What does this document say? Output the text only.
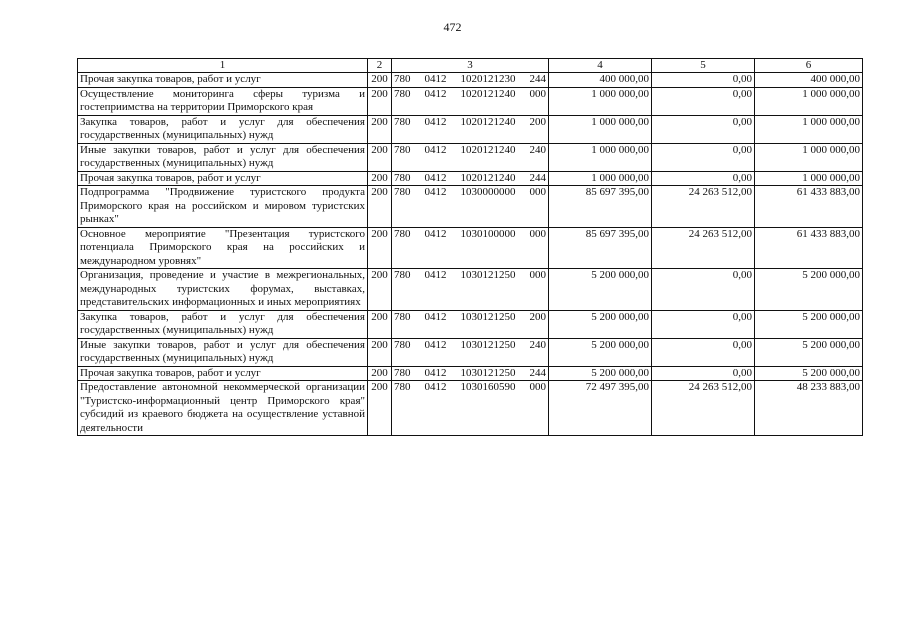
472
1	2	3	4	5	6
Прочая закупка товаров, работ и услуг	200	780 0412 1020121230 244	400 000,00	0,00	400 000,00
Осуществление мониторинга сферы туризма и гостеприимства на территории Приморского края	200	780 0412 1020121240 000	1 000 000,00	0,00	1 000 000,00
Закупка товаров, работ и услуг для обеспечения государственных (муниципальных) нужд	200	780 0412 1020121240 200	1 000 000,00	0,00	1 000 000,00
Иные закупки товаров, работ и услуг для обеспечения государственных (муниципальных) нужд	200	780 0412 1020121240 240	1 000 000,00	0,00	1 000 000,00
Прочая закупка товаров, работ и услуг	200	780 0412 1020121240 244	1 000 000,00	0,00	1 000 000,00
Подпрограмма "Продвижение туристского продукта Приморского края на российском и мировом туристских рынках"	200	780 0412 1030000000 000	85 697 395,00	24 263 512,00	61 433 883,00
Основное мероприятие "Презентация туристского потенциала Приморского края на российских и международном уровнях"	200	780 0412 1030100000 000	85 697 395,00	24 263 512,00	61 433 883,00
Организация, проведение и участие в межрегиональных, международных туристских форумах, выставках, представительских информационных и иных мероприятиях	200	780 0412 1030121250 000	5 200 000,00	0,00	5 200 000,00
Закупка товаров, работ и услуг для обеспечения государственных (муниципальных) нужд	200	780 0412 1030121250 200	5 200 000,00	0,00	5 200 000,00
Иные закупки товаров, работ и услуг для обеспечения государственных (муниципальных) нужд	200	780 0412 1030121250 240	5 200 000,00	0,00	5 200 000,00
Прочая закупка товаров, работ и услуг	200	780 0412 1030121250 244	5 200 000,00	0,00	5 200 000,00
Предоставление автономной некоммерческой организации "Туристско-информационный центр Приморского края" субсидий из краевого бюджета на осуществление уставной деятельности	200	780 0412 1030160590 000	72 497 395,00	24 263 512,00	48 233 883,00
